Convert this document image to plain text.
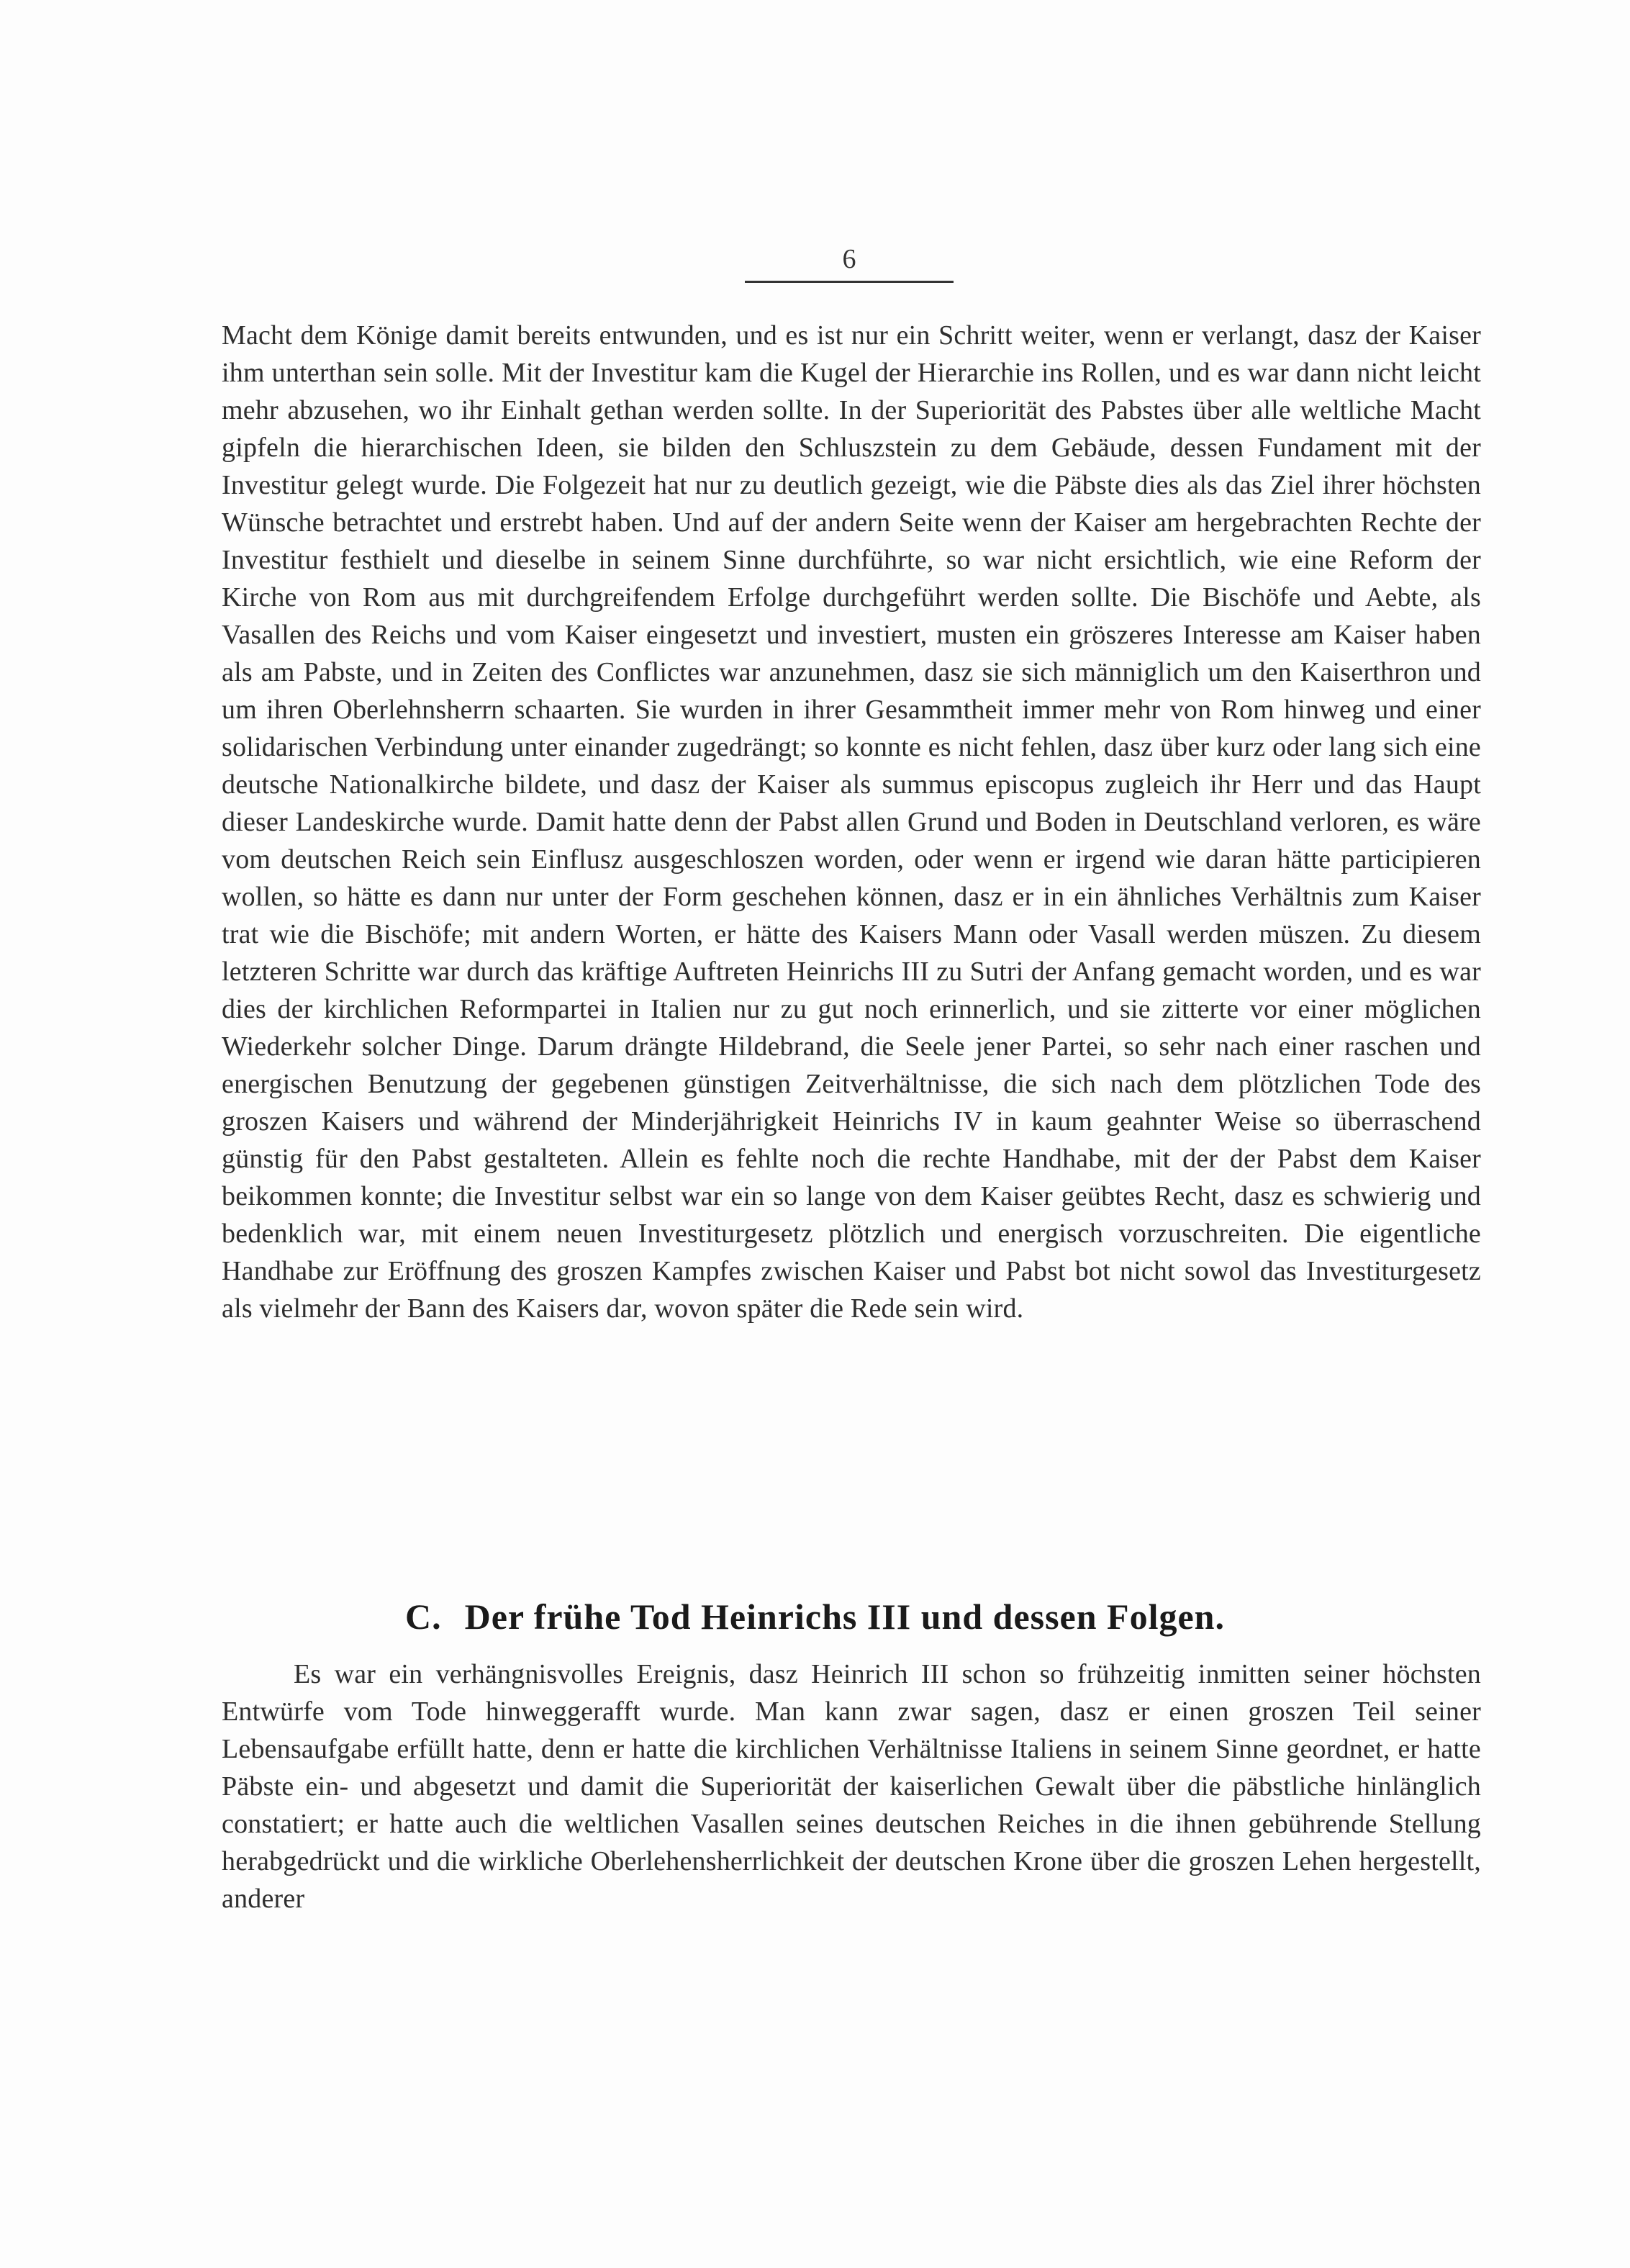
6

Macht dem Könige damit bereits entwunden, und es ist nur ein Schritt weiter, wenn er verlangt, dasz der Kaiser ihm unterthan sein solle. Mit der Investitur kam die Kugel der Hierarchie ins Rollen, und es war dann nicht leicht mehr abzusehen, wo ihr Einhalt gethan werden sollte. In der Superiorität des Pabstes über alle weltliche Macht gipfeln die hierarchischen Ideen, sie bilden den Schluszstein zu dem Gebäude, dessen Fundament mit der Investitur gelegt wurde. Die Folgezeit hat nur zu deutlich gezeigt, wie die Päbste dies als das Ziel ihrer höchsten Wünsche betrachtet und erstrebt haben. Und auf der andern Seite wenn der Kaiser am hergebrachten Rechte der Investitur festhielt und dieselbe in seinem Sinne durchführte, so war nicht ersichtlich, wie eine Reform der Kirche von Rom aus mit durchgreifendem Erfolge durchgeführt werden sollte. Die Bischöfe und Aebte, als Vasallen des Reichs und vom Kaiser eingesetzt und investiert, musten ein gröszeres Interesse am Kaiser haben als am Pabste, und in Zeiten des Conflictes war anzunehmen, dasz sie sich männiglich um den Kaiserthron und um ihren Oberlehnsherrn schaarten. Sie wurden in ihrer Gesammtheit immer mehr von Rom hinweg und einer solidarischen Verbindung unter einander zugedrängt; so konnte es nicht fehlen, dasz über kurz oder lang sich eine deutsche Nationalkirche bildete, und dasz der Kaiser als summus episcopus zugleich ihr Herr und das Haupt dieser Landeskirche wurde. Damit hatte denn der Pabst allen Grund und Boden in Deutschland verloren, es wäre vom deutschen Reich sein Einflusz ausgeschloszen worden, oder wenn er irgend wie daran hätte participieren wollen, so hätte es dann nur unter der Form geschehen können, dasz er in ein ähnliches Verhältnis zum Kaiser trat wie die Bischöfe; mit andern Worten, er hätte des Kaisers Mann oder Vasall werden müszen. Zu diesem letzteren Schritte war durch das kräftige Auftreten Heinrichs III zu Sutri der Anfang gemacht worden, und es war dies der kirchlichen Reformpartei in Italien nur zu gut noch erinnerlich, und sie zitterte vor einer möglichen Wiederkehr solcher Dinge. Darum drängte Hildebrand, die Seele jener Partei, so sehr nach einer raschen und energischen Benutzung der gegebenen günstigen Zeitverhältnisse, die sich nach dem plötzlichen Tode des groszen Kaisers und während der Minderjährigkeit Heinrichs IV in kaum geahnter Weise so überraschend günstig für den Pabst gestalteten. Allein es fehlte noch die rechte Handhabe, mit der der Pabst dem Kaiser beikommen konnte; die Investitur selbst war ein so lange von dem Kaiser geübtes Recht, dasz es schwierig und bedenklich war, mit einem neuen Investiturgesetz plötzlich und energisch vorzuschreiten. Die eigentliche Handhabe zur Eröffnung des groszen Kampfes zwischen Kaiser und Pabst bot nicht sowol das Investiturgesetz als vielmehr der Bann des Kaisers dar, wovon später die Rede sein wird.

C. Der frühe Tod Heinrichs III und dessen Folgen.

Es war ein verhängnisvolles Ereignis, dasz Heinrich III schon so frühzeitig inmitten seiner höchsten Entwürfe vom Tode hinweggerafft wurde. Man kann zwar sagen, dasz er einen groszen Teil seiner Lebensaufgabe erfüllt hatte, denn er hatte die kirchlichen Verhältnisse Italiens in seinem Sinne geordnet, er hatte Päbste ein- und abgesetzt und damit die Superiorität der kaiserlichen Gewalt über die päbstliche hinlänglich constatiert; er hatte auch die weltlichen Vasallen seines deutschen Reiches in die ihnen gebührende Stellung herabgedrückt und die wirkliche Oberlehensherrlichkeit der deutschen Krone über die groszen Lehen hergestellt, anderer
